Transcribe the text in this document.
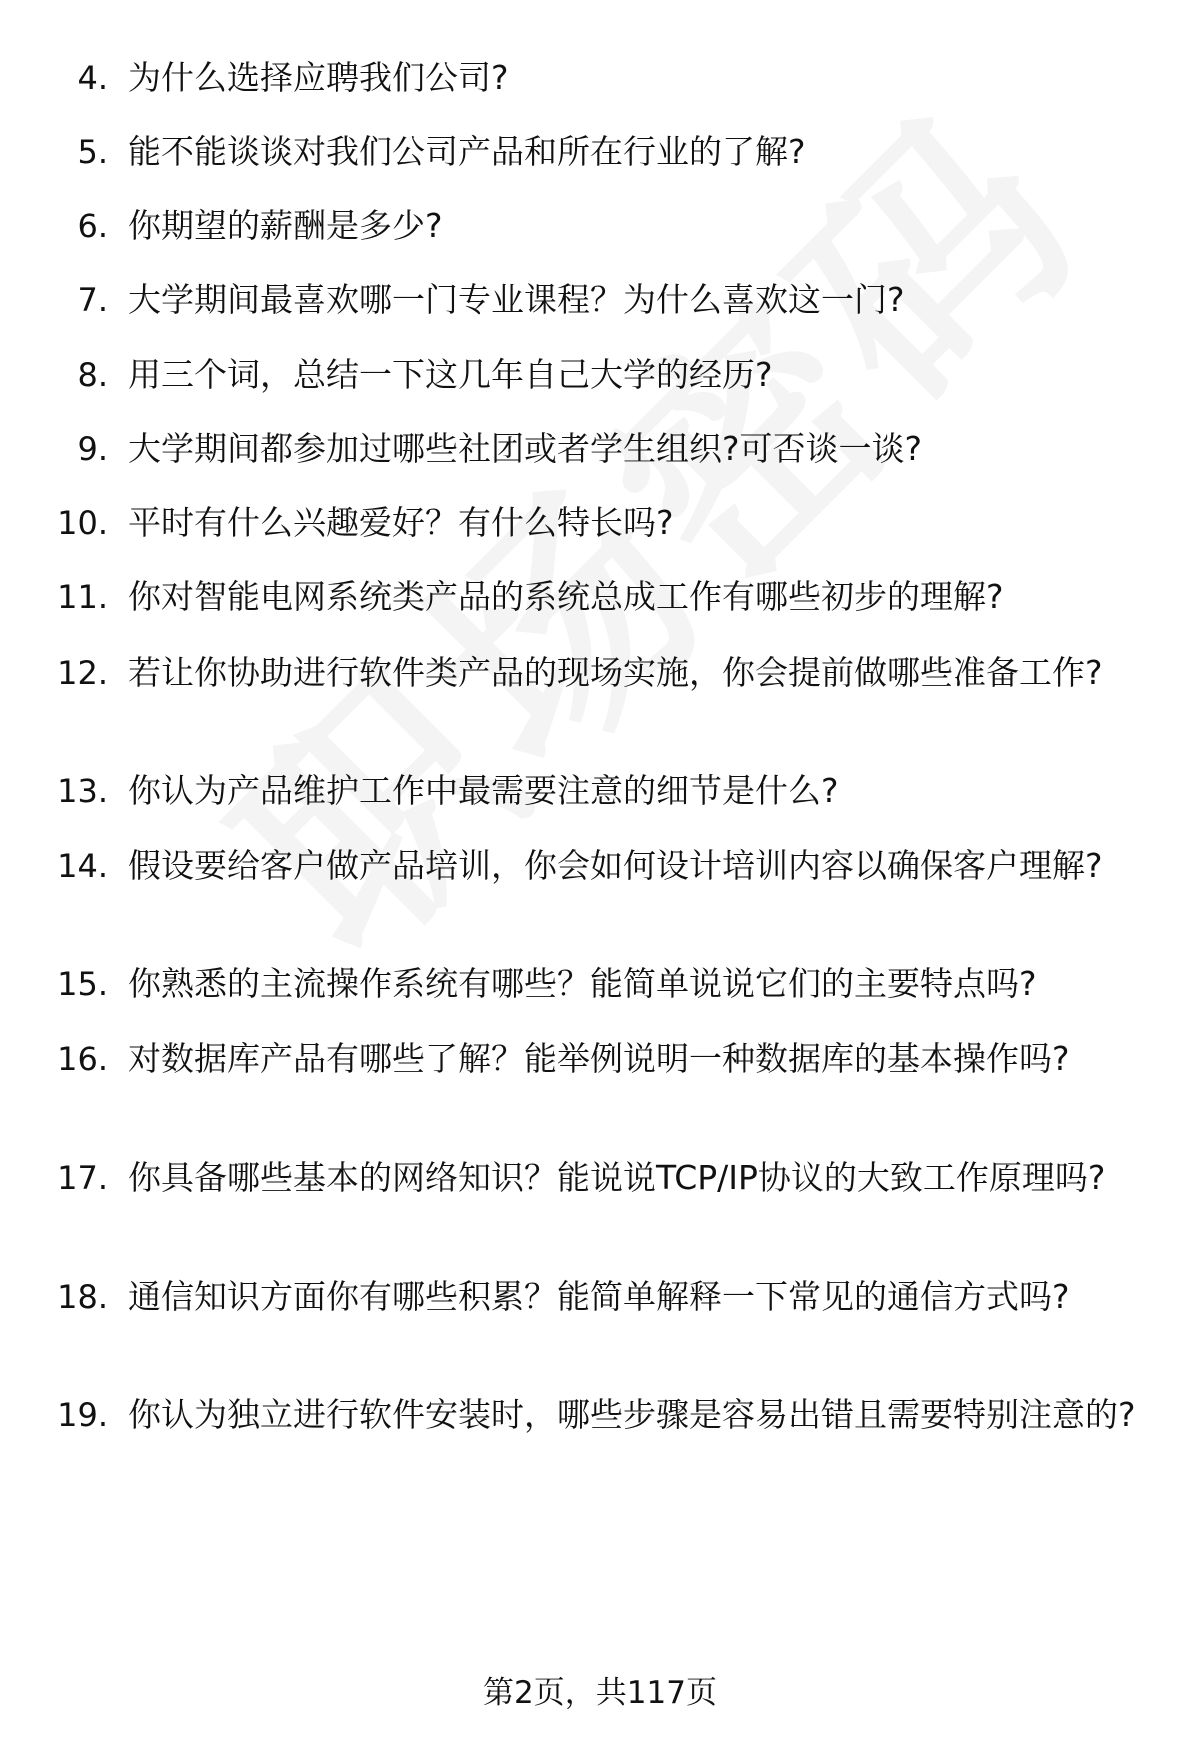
4. 为什么选择应聘我们公司?
5. 能不能谈谈对我们公司产品和所在行业的了解?
6. 你期望的薪酬是多少?
7. 大学期间最喜欢哪一门专业课程？为什么喜欢这一门?
8. 用三个词，总结一下这几年自己大学的经历?
9. 大学期间都参加过哪些社团或者学生组织?可否谈一谈?
10. 平时有什么兴趣爱好？有什么特长吗?
11. 你对智能电网系统类产品的系统总成工作有哪些初步的理解?
12. 若让你协助进行软件类产品的现场实施，你会提前做哪些准备工作?
13. 你认为产品维护工作中最需要注意的细节是什么?
14. 假设要给客户做产品培训，你会如何设计培训内容以确保客户理解?
15. 你熟悉的主流操作系统有哪些？能简单说说它们的主要特点吗?
16. 对数据库产品有哪些了解？能举例说明一种数据库的基本操作吗?
17. 你具备哪些基本的网络知识？能说说TCP/IP协议的大致工作原理吗?
18. 通信知识方面你有哪些积累？能简单解释一下常见的通信方式吗?
19. 你认为独立进行软件安装时，哪些步骤是容易出错且需要特别注意的?
第2页，共117页
